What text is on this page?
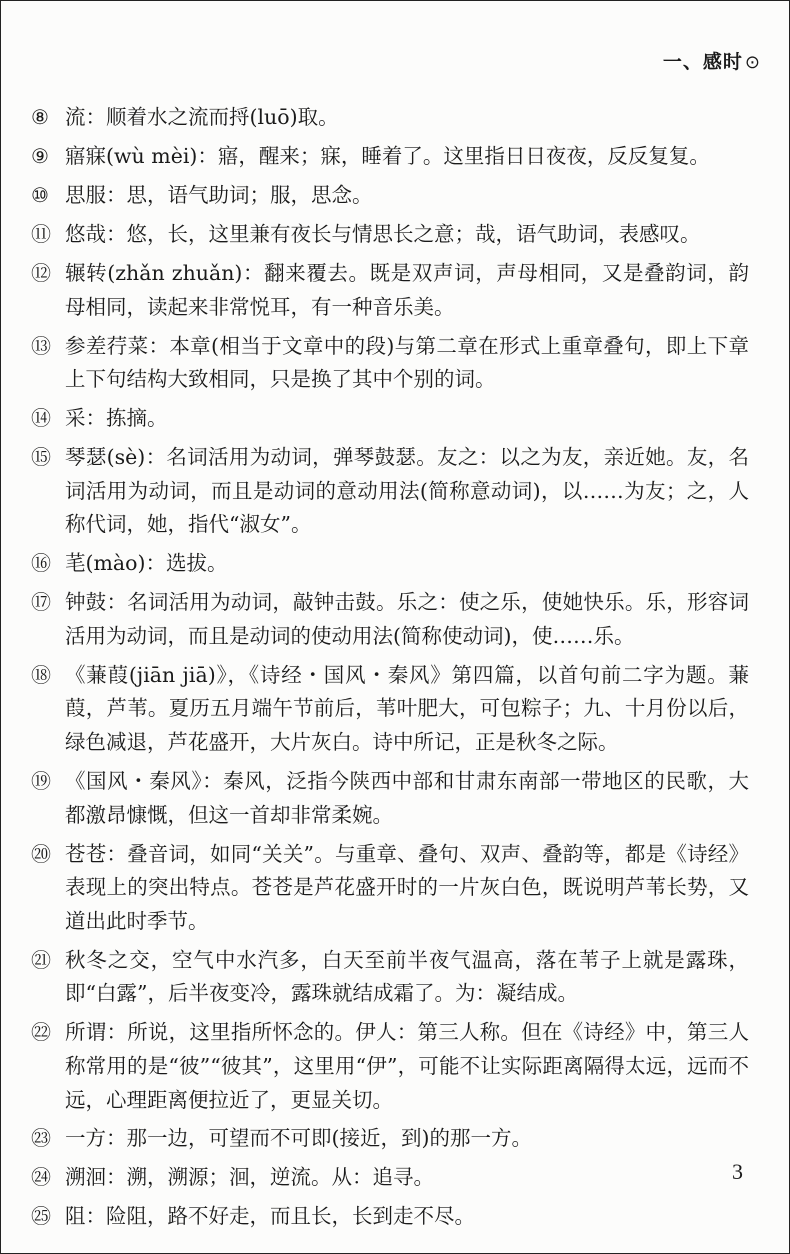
一、感时 ⊙
⑧ 流：顺着水之流而捋(luō)取。
⑨ 寤寐(wù mèi)：寤，醒来；寐，睡着了。这里指日日夜夜，反反复复。
⑩ 思服：思，语气助词；服，思念。
⑪ 悠哉：悠，长，这里兼有夜长与情思长之意；哉，语气助词，表感叹。
⑫ 辗转(zhǎn zhuǎn)：翻来覆去。既是双声词，声母相同，又是叠韵词，韵母相同，读起来非常悦耳，有一种音乐美。
⑬ 参差荇菜：本章(相当于文章中的段)与第二章在形式上重章叠句，即上下章上下句结构大致相同，只是换了其中个别的词。
⑭ 采：拣摘。
⑮ 琴瑟(sè)：名词活用为动词，弹琴鼓瑟。友之：以之为友，亲近她。友，名词活用为动词，而且是动词的意动用法(简称意动词)，以……为友；之，人称代词，她，指代“淑女”。
⑯ 芼(mào)：选拔。
⑰ 钟鼓：名词活用为动词，敲钟击鼓。乐之：使之乐，使她快乐。乐，形容词活用为动词，而且是动词的使动用法(简称使动词)，使……乐。
⑱ 《蒹葭(jiān jiā)》，《诗经・国风・秦风》第四篇，以首句前二字为题。蒹葭，芦苇。夏历五月端午节前后，苇叶肥大，可包粽子；九、十月份以后，绿色减退，芦花盛开，大片灰白。诗中所记，正是秋冬之际。
⑲ 《国风・秦风》：秦风，泛指今陕西中部和甘肃东南部一带地区的民歌，大都激昂慷慨，但这一首却非常柔婉。
⑳ 苍苍：叠音词，如同“关关”。与重章、叠句、双声、叠韵等，都是《诗经》表现上的突出特点。苍苍是芦花盛开时的一片灰白色，既说明芦苇长势，又道出此时季节。
㉑ 秋冬之交，空气中水汽多，白天至前半夜气温高，落在苇子上就是露珠，即“白露”，后半夜变冷，露珠就结成霜了。为：凝结成。
㉒ 所谓：所说，这里指所怀念的。伊人：第三人称。但在《诗经》中，第三人称常用的是“彼”“彼其”，这里用“伊”，可能不让实际距离隔得太远，远而不远，心理距离便拉近了，更显关切。
㉓ 一方：那一边，可望而不可即(接近，到)的那一方。
㉔ 溯洄：溯，溯源；洄，逆流。从：追寻。
㉕ 阻：险阻，路不好走，而且长，长到走不尽。
3
